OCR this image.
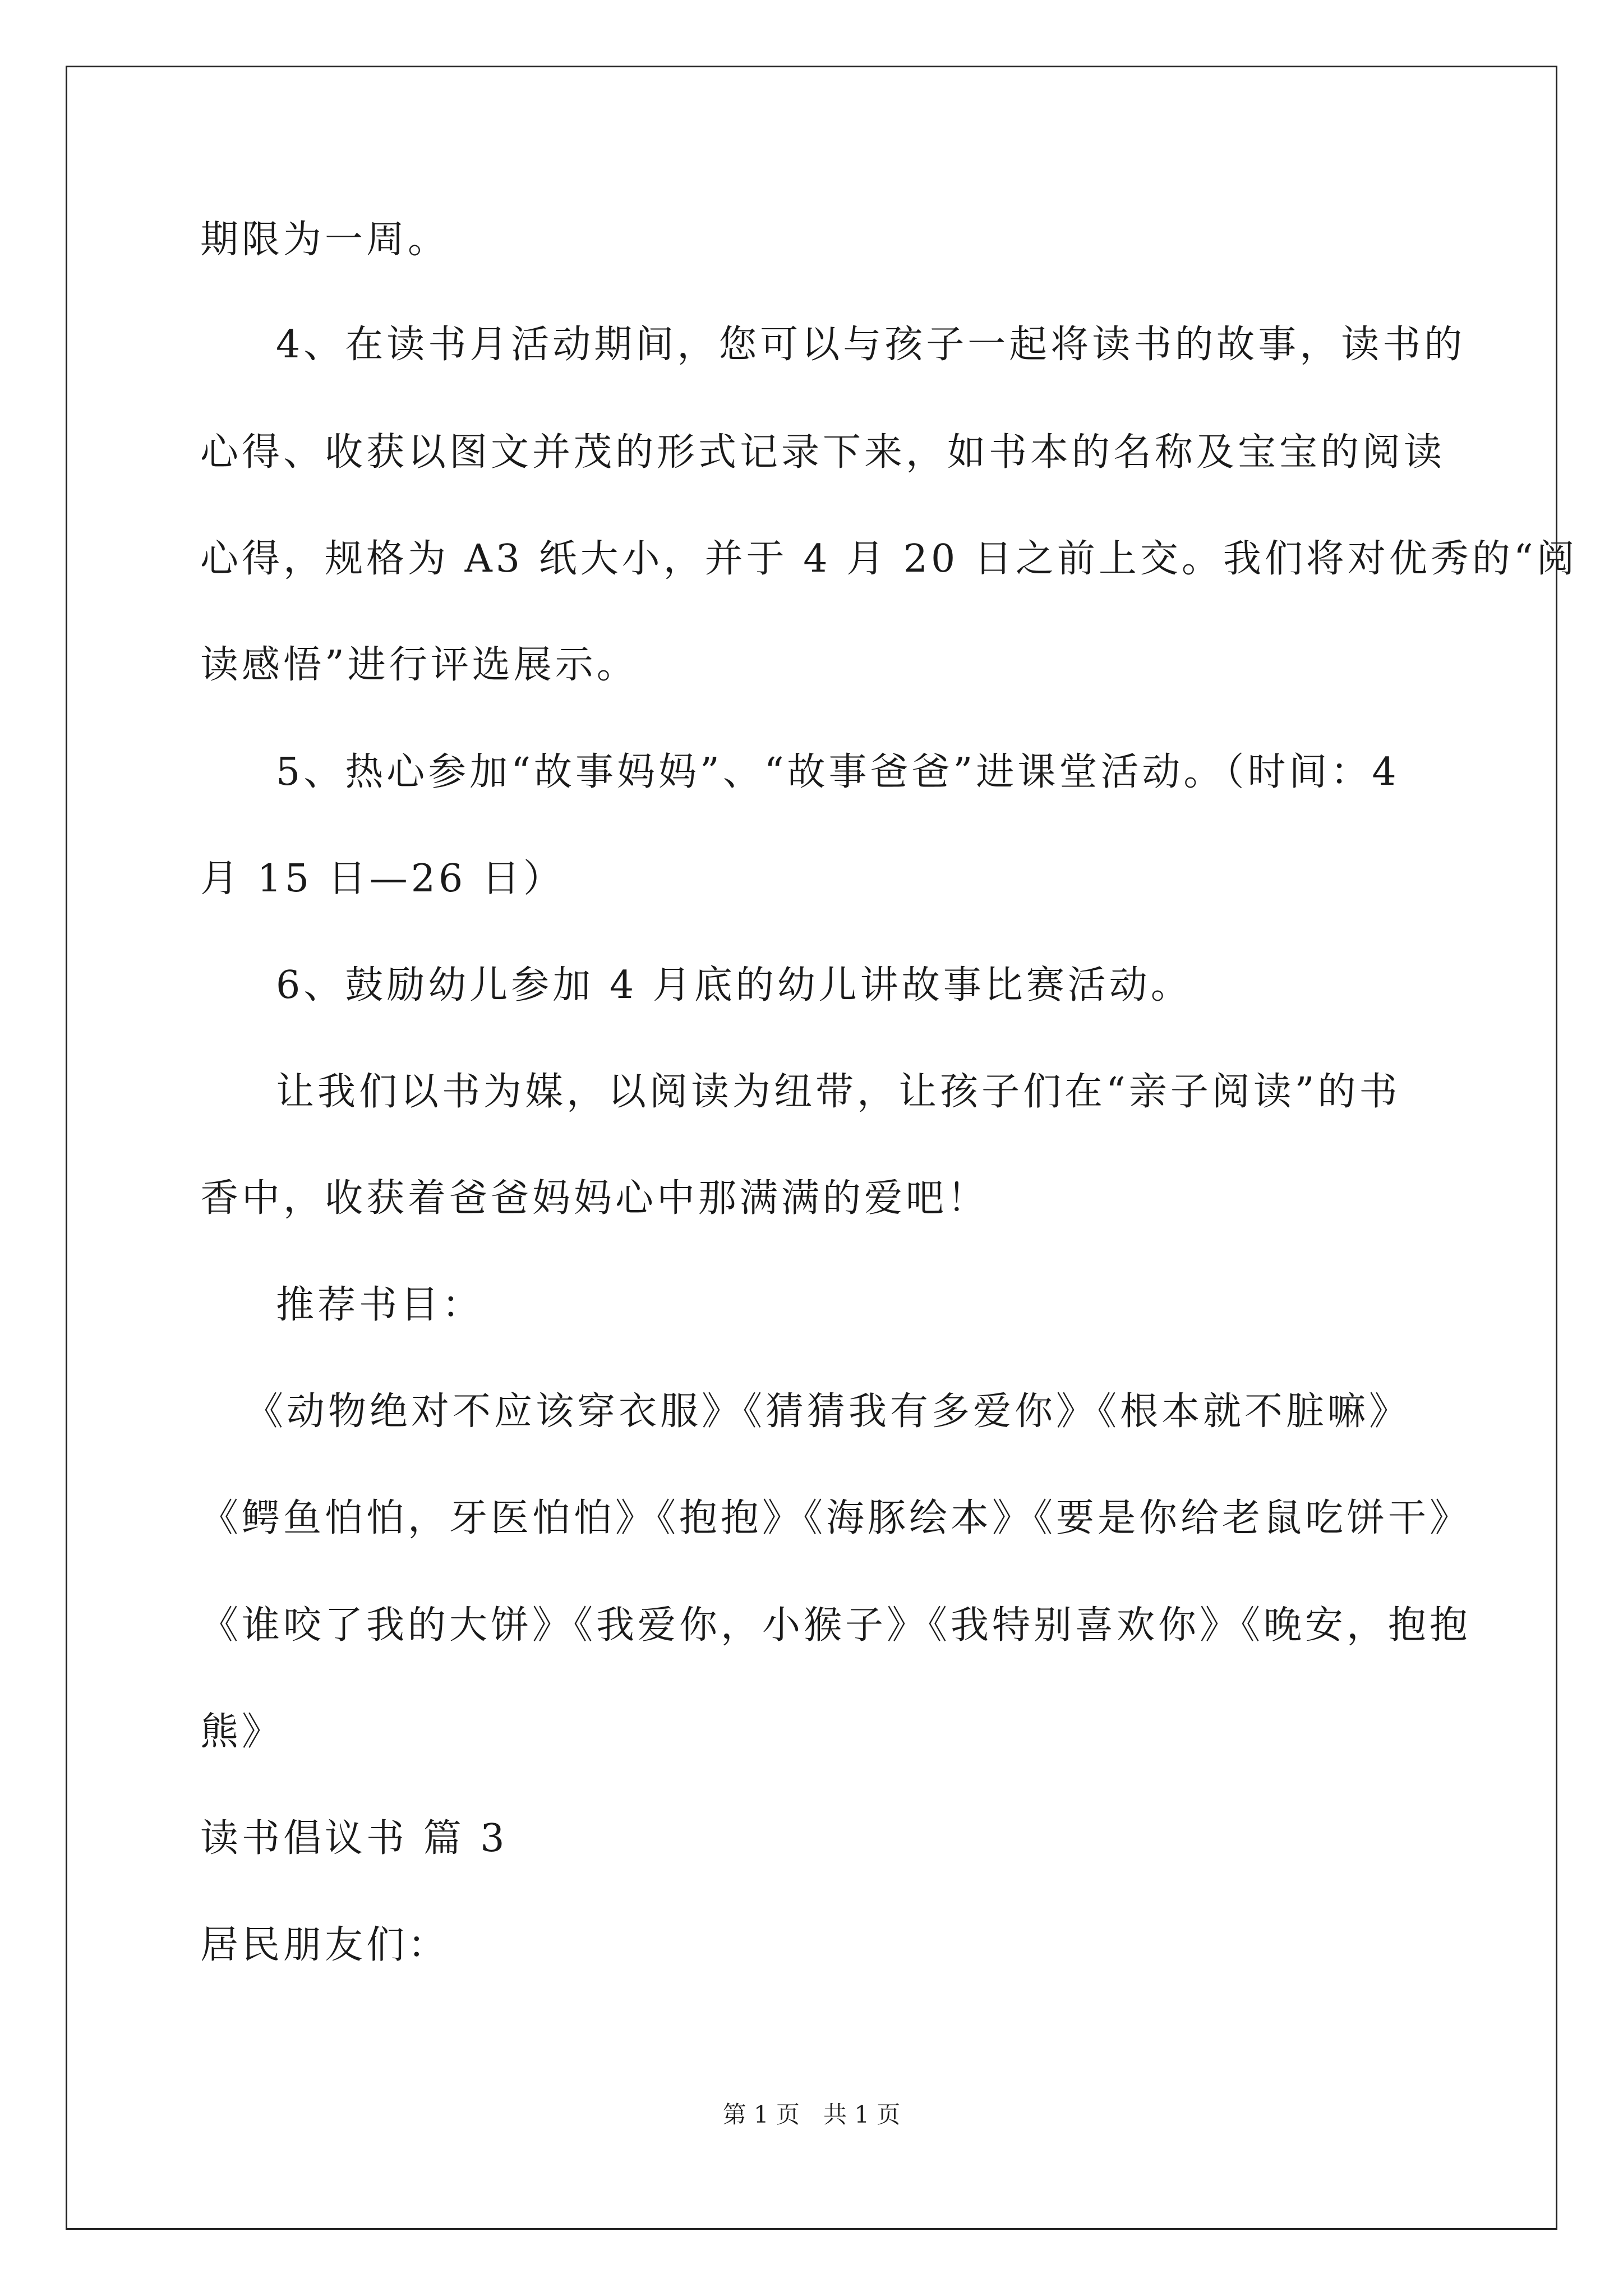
期限为一周。
4、在读书月活动期间，您可以与孩子一起将读书的故事，读书的
心得、收获以图文并茂的形式记录下来，如书本的名称及宝宝的阅读
心得，规格为 A3 纸大小，并于 4 月 20 日之前上交。我们将对优秀的“阅
读感悟”进行评选展示。
5、热心参加“故事妈妈”、“故事爸爸”进课堂活动。（时间：4
月 15 日—26 日）
6、鼓励幼儿参加 4 月底的幼儿讲故事比赛活动。
让我们以书为媒，以阅读为纽带，让孩子们在“亲子阅读”的书
香中，收获着爸爸妈妈心中那满满的爱吧！
推荐书目：
《动物绝对不应该穿衣服》《猜猜我有多爱你》《根本就不脏嘛》
《鳄鱼怕怕，牙医怕怕》《抱抱》《海豚绘本》《要是你给老鼠吃饼干》
《谁咬了我的大饼》《我爱你，小猴子》《我特别喜欢你》《晚安，抱抱
熊》
读书倡议书 篇 3
居民朋友们：
第 1 页　共 1 页
